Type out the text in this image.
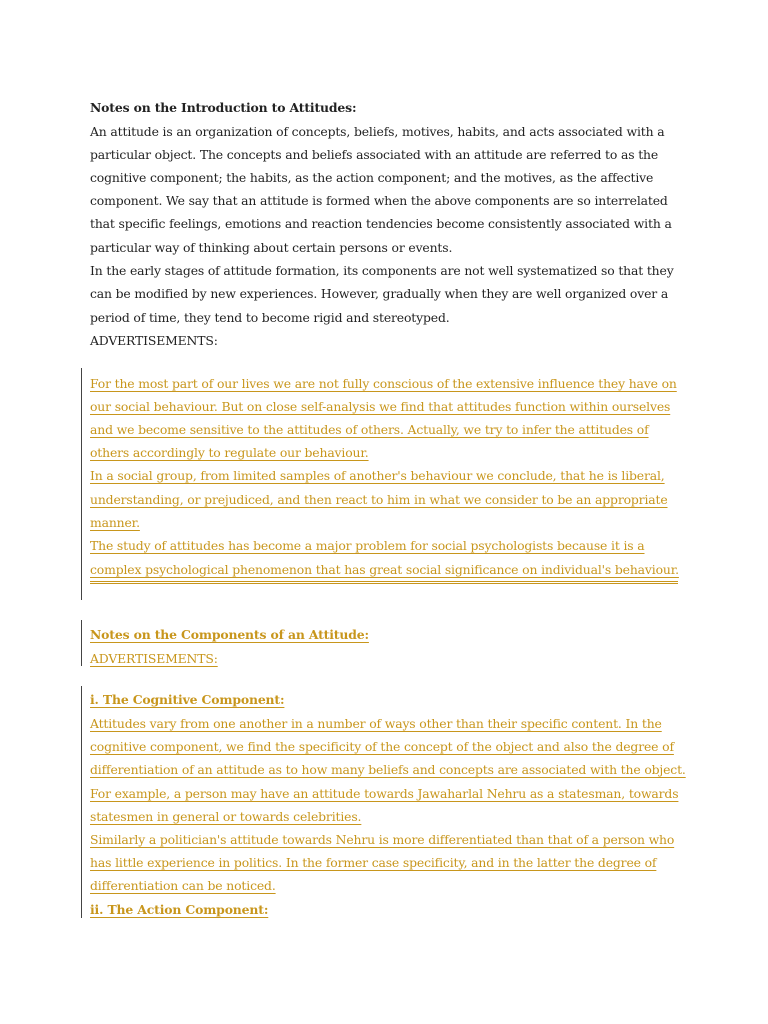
Notes on the Introduction to Attitudes:
An attitude is an organization of concepts, beliefs, motives, habits, and acts associated with a
particular object. The concepts and beliefs associated with an attitude are referred to as the
cognitive component; the habits, as the action component; and the motives, as the affective
component. We say that an attitude is formed when the above components are so interrelated
that specific feelings, emotions and reaction tendencies become consistently associated with a
particular way of thinking about certain persons or events.
In the early stages of attitude formation, its components are not well systematized so that they
can be modified by new experiences. However, gradually when they are well organized over a
period of time, they tend to become rigid and stereotyped.
ADVERTISEMENTS:
For the most part of our lives we are not fully conscious of the extensive influence they have on
our social behaviour. But on close self-analysis we find that attitudes function within ourselves
and we become sensitive to the attitudes of others. Actually, we try to infer the attitudes of
others accordingly to regulate our behaviour.
In a social group, from limited samples of another's behaviour we conclude, that he is liberal,
understanding, or prejudiced, and then react to him in what we consider to be an appropriate
manner.
The study of attitudes has become a major problem for social psychologists because it is a
complex psychological phenomenon that has great social significance on individual's behaviour.
Notes on the Components of an Attitude:
ADVERTISEMENTS:
i. The Cognitive Component:
Attitudes vary from one another in a number of ways other than their specific content. In the
cognitive component, we find the specificity of the concept of the object and also the degree of
differentiation of an attitude as to how many beliefs and concepts are associated with the object.
For example, a person may have an attitude towards Jawaharlal Nehru as a statesman, towards
statesmen in general or towards celebrities.
Similarly a politician's attitude towards Nehru is more differentiated than that of a person who
has little experience in politics. In the former case specificity, and in the latter the degree of
differentiation can be noticed.
ii. The Action Component:
